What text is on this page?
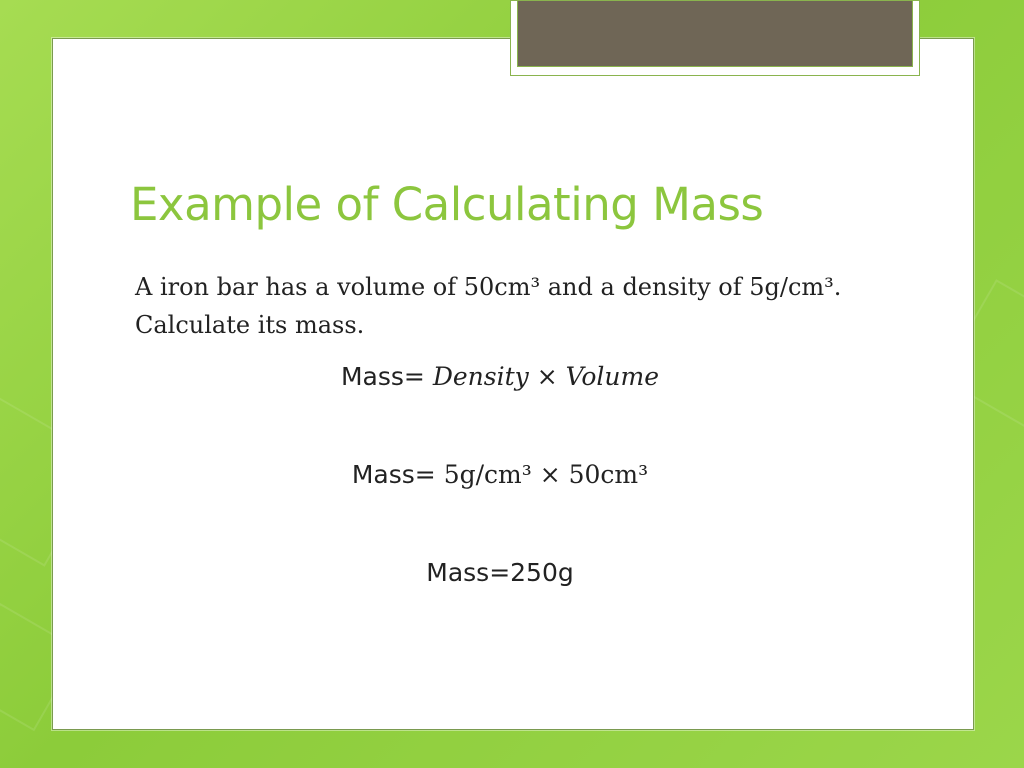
Example of Calculating Mass

A iron bar has a volume of 50cm³ and a density of 5g/cm³. Calculate its mass.

Mass= Density × Volume
Mass= 5g/cm³ × 50cm³
Mass=250g
